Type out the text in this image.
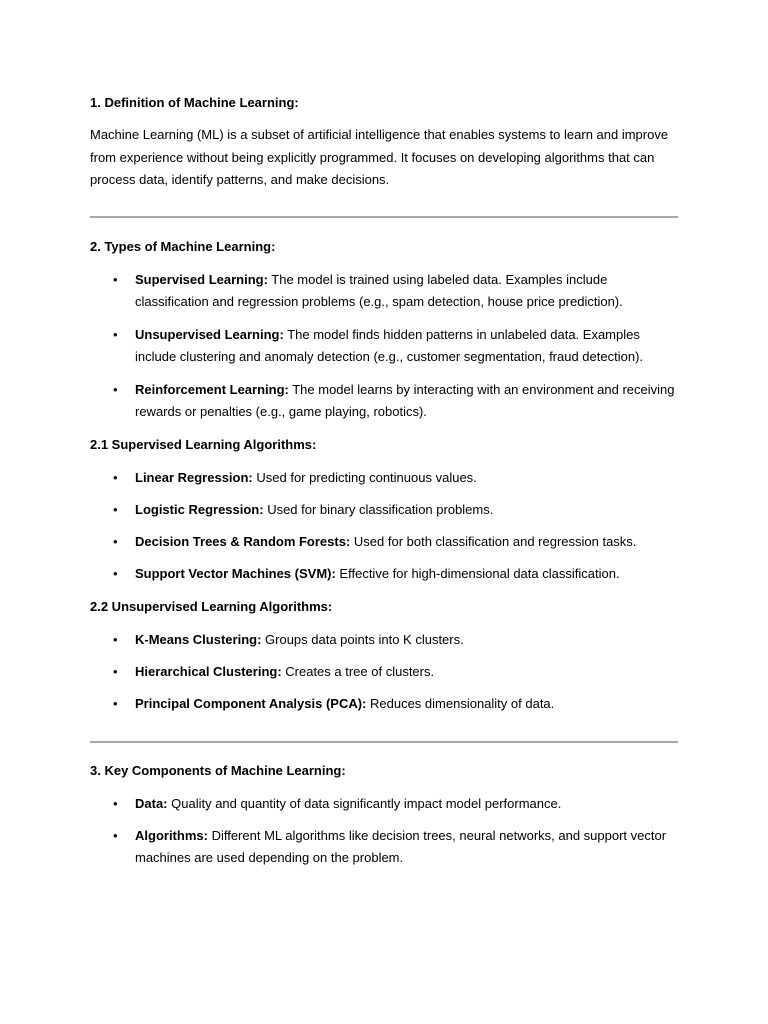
1. Definition of Machine Learning:

Machine Learning (ML) is a subset of artificial intelligence that enables systems to learn and improve from experience without being explicitly programmed. It focuses on developing algorithms that can process data, identify patterns, and make decisions.

2. Types of Machine Learning:

• Supervised Learning: The model is trained using labeled data. Examples include classification and regression problems (e.g., spam detection, house price prediction).
• Unsupervised Learning: The model finds hidden patterns in unlabeled data. Examples include clustering and anomaly detection (e.g., customer segmentation, fraud detection).
• Reinforcement Learning: The model learns by interacting with an environment and receiving rewards or penalties (e.g., game playing, robotics).

2.1 Supervised Learning Algorithms:

• Linear Regression: Used for predicting continuous values.
• Logistic Regression: Used for binary classification problems.
• Decision Trees & Random Forests: Used for both classification and regression tasks.
• Support Vector Machines (SVM): Effective for high-dimensional data classification.

2.2 Unsupervised Learning Algorithms:

• K-Means Clustering: Groups data points into K clusters.
• Hierarchical Clustering: Creates a tree of clusters.
• Principal Component Analysis (PCA): Reduces dimensionality of data.

3. Key Components of Machine Learning:

• Data: Quality and quantity of data significantly impact model performance.
• Algorithms: Different ML algorithms like decision trees, neural networks, and support vector machines are used depending on the problem.
